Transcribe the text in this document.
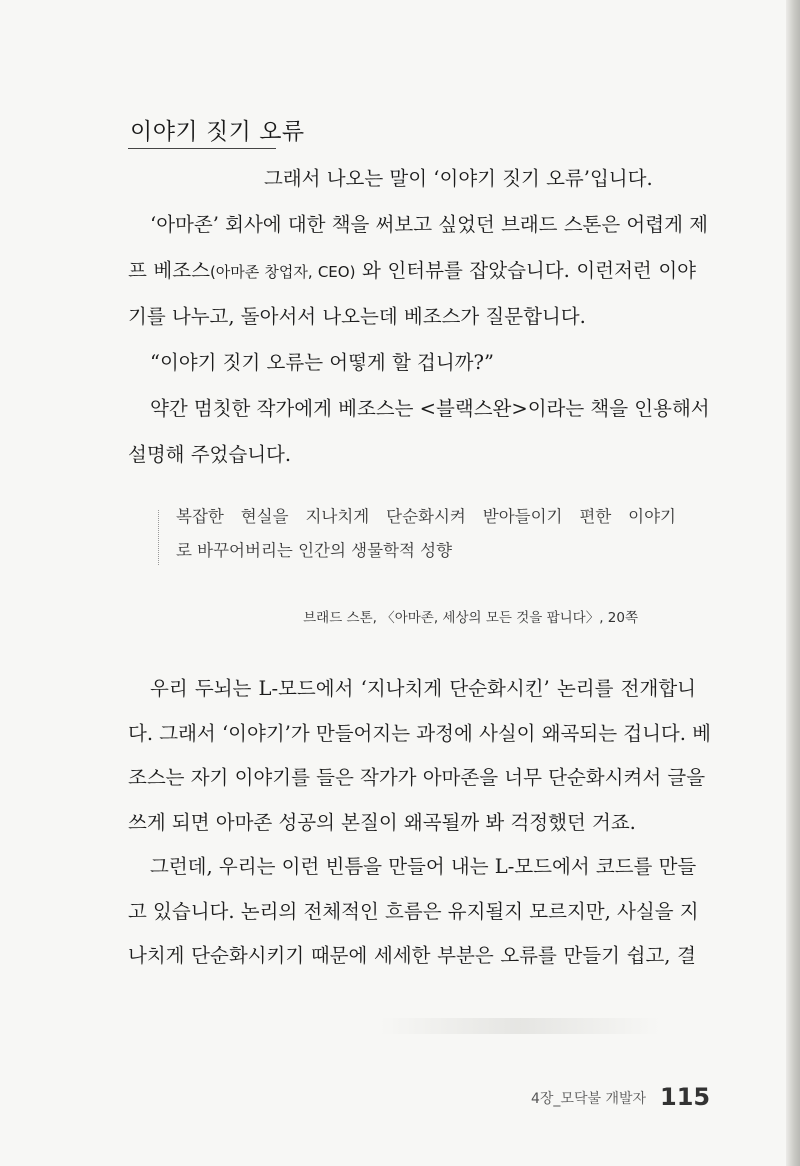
이야기 짓기 오류
그래서 나오는 말이 ‘이야기 짓기 오류’입니다.
‘아마존’ 회사에 대한 책을 써보고 싶었던 브래드 스톤은 어렵게 제
프 베조스(아마존 창업자, CEO) 와 인터뷰를 잡았습니다. 이런저런 이야
기를 나누고, 돌아서서 나오는데 베조스가 질문합니다.
“이야기 짓기 오류는 어떻게 할 겁니까?”
약간 멈칫한 작가에게 베조스는 <블랙스완>이라는 책을 인용해서
설명해 주었습니다.
복잡한 현실을 지나치게 단순화시켜 받아들이기 편한 이야기
로 바꾸어버리는 인간의 생물학적 성향
브래드 스톤, 〈아마존, 세상의 모든 것을 팝니다〉, 20쪽
우리 두뇌는 L-모드에서 ‘지나치게 단순화시킨’ 논리를 전개합니
다. 그래서 ‘이야기’가 만들어지는 과정에 사실이 왜곡되는 겁니다. 베
조스는 자기 이야기를 들은 작가가 아마존을 너무 단순화시켜서 글을
쓰게 되면 아마존 성공의 본질이 왜곡될까 봐 걱정했던 거죠.
그런데, 우리는 이런 빈틈을 만들어 내는 L-모드에서 코드를 만들
고 있습니다. 논리의 전체적인 흐름은 유지될지 모르지만, 사실을 지
나치게 단순화시키기 때문에 세세한 부분은 오류를 만들기 쉽고, 결
4장_모닥불 개발자 115
